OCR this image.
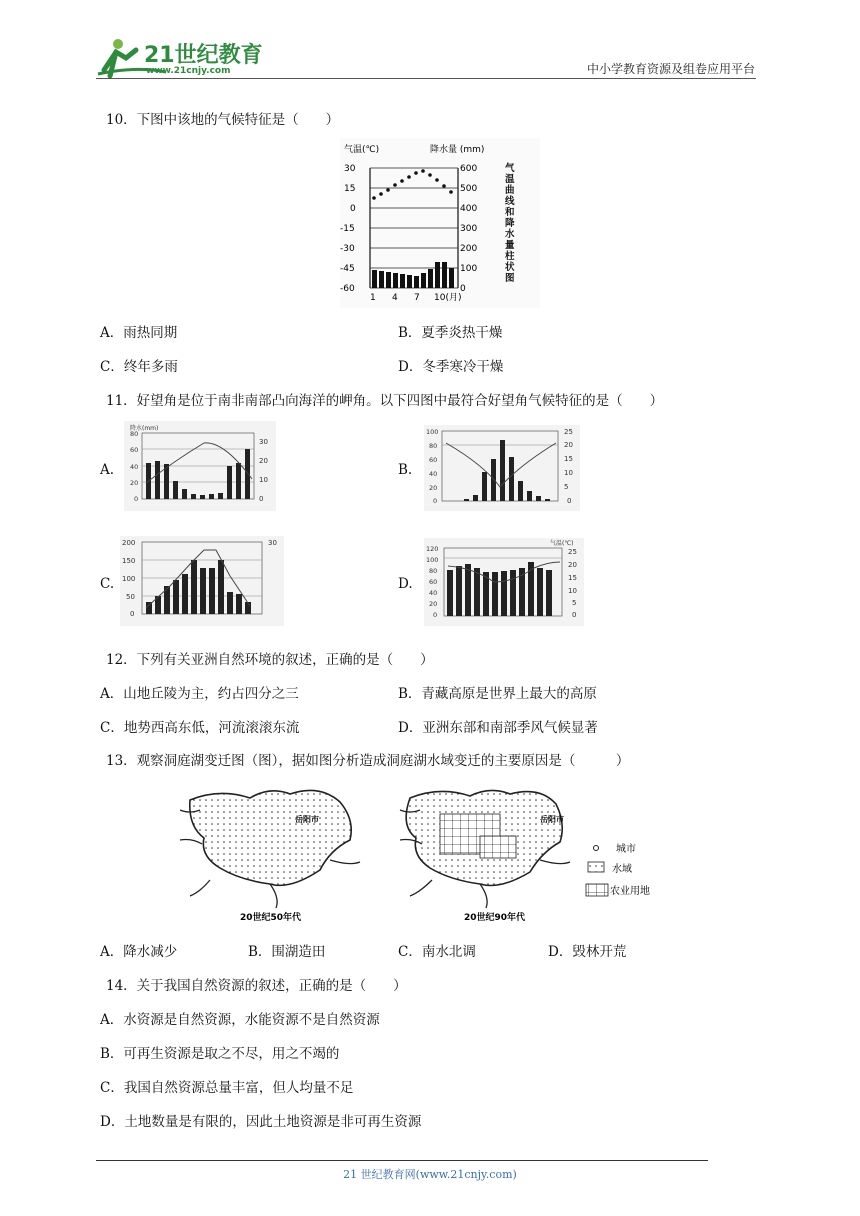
21世纪教育
www.21cnjy.com	中小学教育资源及组卷应用平台
10．下图中该地的气候特征是（　　）
气温(℃)	降水量 (mm)
30
15
0
-15
-30
-45
-60
600
500
400
300
200
100
0
1 4 7 10(月)
气温曲线和降水量柱状图
A．雨热同期	B．夏季炎热干燥
C．终年多雨	D．冬季寒冷干燥
11．好望角是位于南非南部凸向海洋的岬角。以下四图中最符合好望角气候特征的是（　　）
A.
降水(mm)
80
60
40
20
0
30
20
10
0
B.
100
80
60
40
20
0
25
20
15
10
5
0
C.
200
150
100
50
0
30
D.
气温(℃)
120
100
80
60
40
20
0
25
20
15
10
5
0
12．下列有关亚洲自然环境的叙述，正确的是（　　）
A．山地丘陵为主，约占四分之三	B．青藏高原是世界上最大的高原
C．地势西高东低，河流滚滚东流	D．亚洲东部和南部季风气候显著
13．观察洞庭湖变迁图（图），据如图分析造成洞庭湖水域变迁的主要原因是（　　　）
岳阳市
20世纪50年代
岳阳市
20世纪90年代
城市
水域
农业用地
A．降水减少	B．围湖造田	C．南水北调	D．毁林开荒
14．关于我国自然资源的叙述，正确的是（　　）
A．水资源是自然资源，水能资源不是自然资源
B．可再生资源是取之不尽，用之不竭的
C．我国自然资源总量丰富，但人均量不足
D．土地数量是有限的，因此土地资源是非可再生资源
21 世纪教育网(www.21cnjy.com)
